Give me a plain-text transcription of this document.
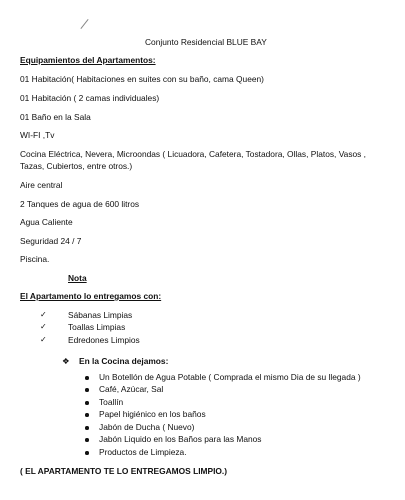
Conjunto Residencial BLUE BAY
Equipamientos del Apartamentos:
01 Habitación( Habitaciones en suites con su baño, cama Queen)
01 Habitación ( 2 camas individuales)
01 Baño en la Sala
WI-FI ,Tv
Cocina Eléctrica, Nevera, Microondas ( Licuadora, Cafetera, Tostadora, Ollas, Platos, Vasos , Tazas, Cubiertos, entre otros.)
Aire central
2 Tanques de agua de 600 litros
Agua Caliente
Seguridad 24 / 7
Piscina.
Nota
El Apartamento lo entregamos con:
✓	Sábanas Limpias
✓	Toallas Limpias
✓	Edredones Limpios
❖ En la Cocina dejamos:
Un Botellón de Agua Potable ( Comprada el mismo Dia de su llegada )
Café, Azúcar, Sal
Toallín
Papel higiénico en los baños
Jabón de Ducha ( Nuevo)
Jabón Liquido en los Baños para las Manos
Productos de Limpieza.
( EL APARTAMENTO TE LO ENTREGAMOS LIMPIO.)
